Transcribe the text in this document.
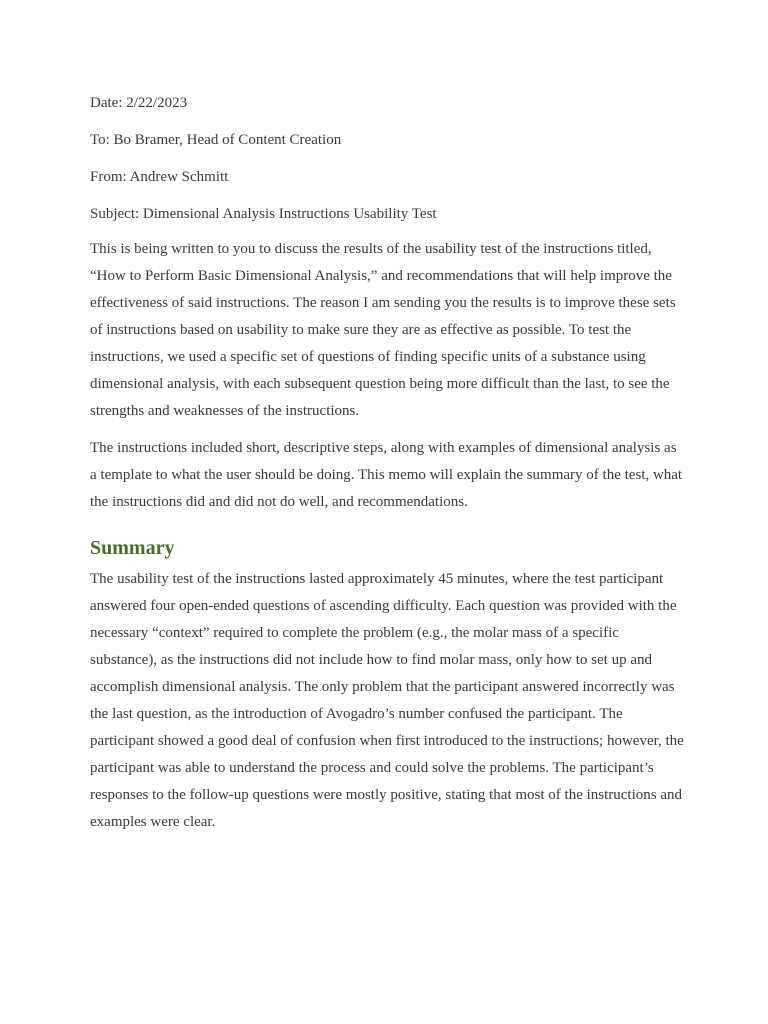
Date: 2/22/2023
To: Bo Bramer, Head of Content Creation
From: Andrew Schmitt
Subject: Dimensional Analysis Instructions Usability Test

This is being written to you to discuss the results of the usability test of the instructions titled, “How to Perform Basic Dimensional Analysis,” and recommendations that will help improve the effectiveness of said instructions. The reason I am sending you the results is to improve these sets of instructions based on usability to make sure they are as effective as possible. To test the instructions, we used a specific set of questions of finding specific units of a substance using dimensional analysis, with each subsequent question being more difficult than the last, to see the strengths and weaknesses of the instructions.

The instructions included short, descriptive steps, along with examples of dimensional analysis as a template to what the user should be doing. This memo will explain the summary of the test, what the instructions did and did not do well, and recommendations.

Summary

The usability test of the instructions lasted approximately 45 minutes, where the test participant answered four open-ended questions of ascending difficulty. Each question was provided with the necessary “context” required to complete the problem (e.g., the molar mass of a specific substance), as the instructions did not include how to find molar mass, only how to set up and accomplish dimensional analysis. The only problem that the participant answered incorrectly was the last question, as the introduction of Avogadro’s number confused the participant. The participant showed a good deal of confusion when first introduced to the instructions; however, the participant was able to understand the process and could solve the problems. The participant’s responses to the follow-up questions were mostly positive, stating that most of the instructions and examples were clear.
